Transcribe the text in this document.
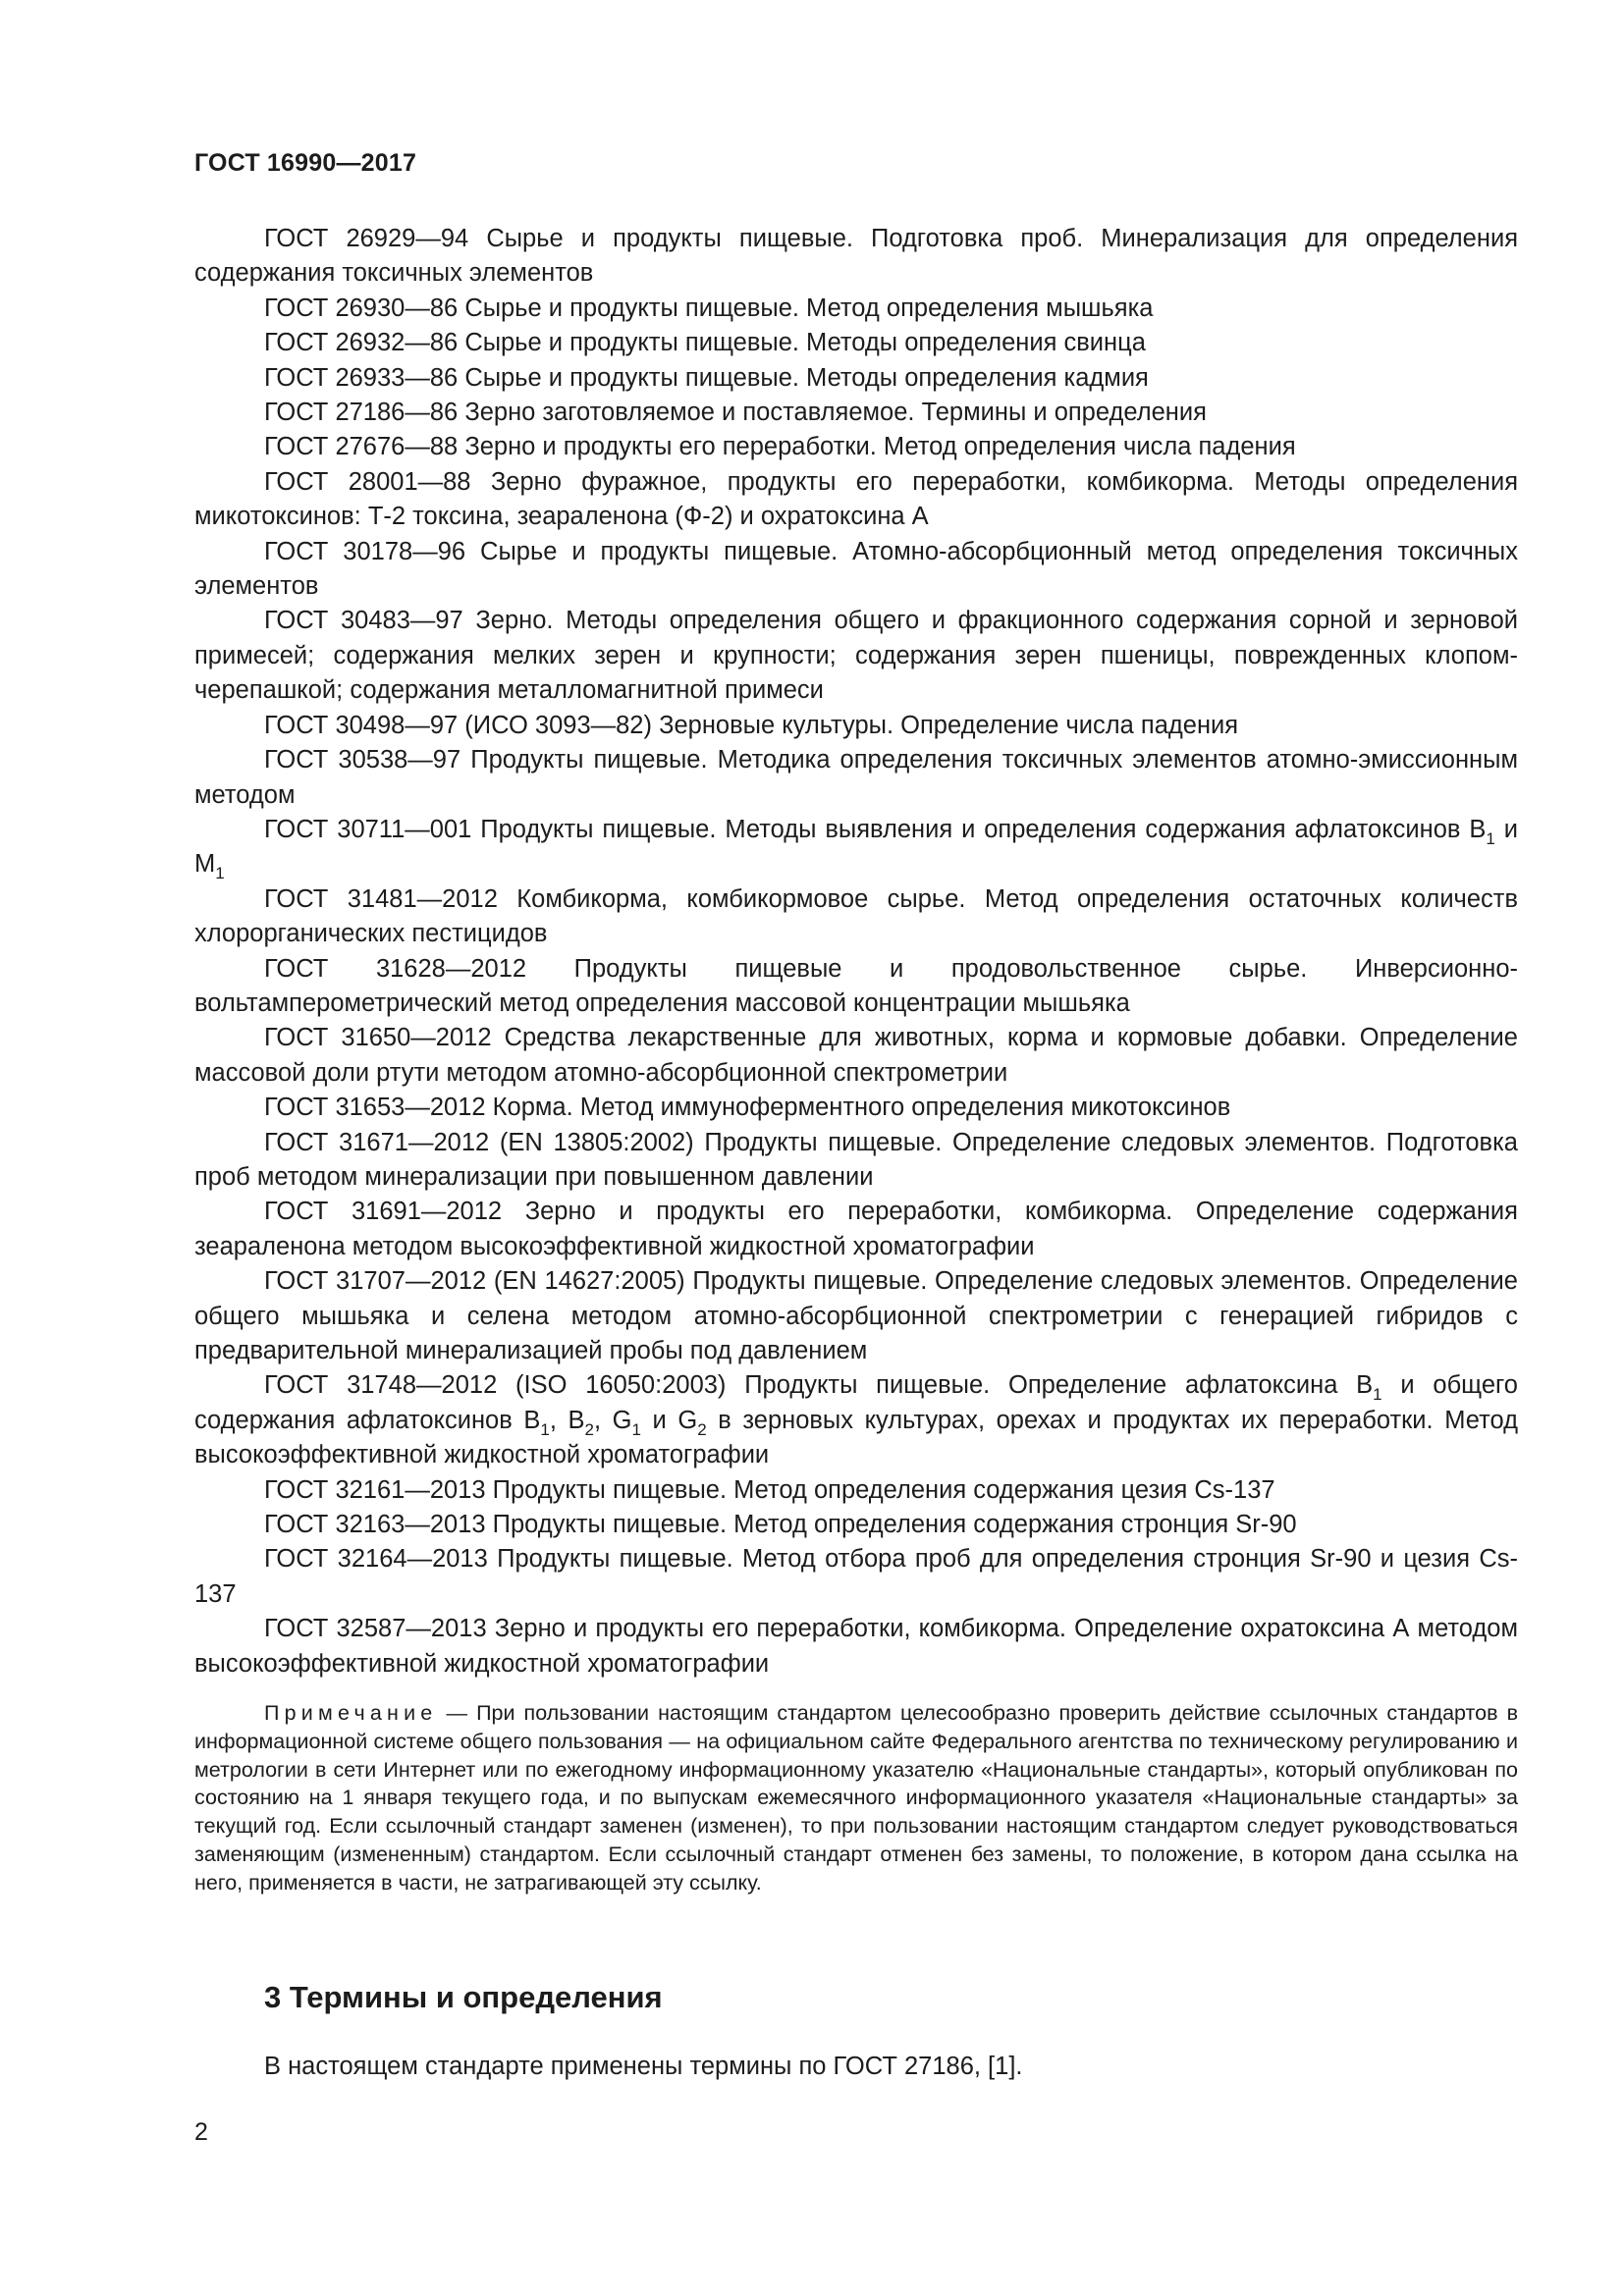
ГОСТ 16990—2017

ГОСТ 26929—94 Сырье и продукты пищевые. Подготовка проб. Минерализация для определения содержания токсичных элементов

ГОСТ 26930—86 Сырье и продукты пищевые. Метод определения мышьяка

ГОСТ 26932—86 Сырье и продукты пищевые. Методы определения свинца

ГОСТ 26933—86 Сырье и продукты пищевые. Методы определения кадмия

ГОСТ 27186—86 Зерно заготовляемое и поставляемое. Термины и определения

ГОСТ 27676—88 Зерно и продукты его переработки. Метод определения числа падения

ГОСТ 28001—88 Зерно фуражное, продукты его переработки, комбикорма. Методы определения микотоксинов: Т-2 токсина, зеараленона (Ф-2) и охратоксина А

ГОСТ 30178—96 Сырье и продукты пищевые. Атомно-абсорбционный метод определения токсичных элементов

ГОСТ 30483—97 Зерно. Методы определения общего и фракционного содержания сорной и зерновой примесей; содержания мелких зерен и крупности; содержания зерен пшеницы, поврежденных клопом-черепашкой; содержания металломагнитной примеси

ГОСТ 30498—97 (ИСО 3093—82) Зерновые культуры. Определение числа падения

ГОСТ 30538—97 Продукты пищевые. Методика определения токсичных элементов атомно-эмиссионным методом

ГОСТ 30711—001 Продукты пищевые. Методы выявления и определения содержания афлатоксинов $B_1$ и $M_1$

ГОСТ 31481—2012 Комбикорма, комбикормовое сырье. Метод определения остаточных количеств хлорорганических пестицидов

ГОСТ 31628—2012 Продукты пищевые и продовольственное сырье. Инверсионно-вольтамперометрический метод определения массовой концентрации мышьяка

ГОСТ 31650—2012 Средства лекарственные для животных, корма и кормовые добавки. Определение массовой доли ртути методом атомно-абсорбционной спектрометрии

ГОСТ 31653—2012 Корма. Метод иммуноферментного определения микотоксинов

ГОСТ 31671—2012 (EN 13805:2002) Продукты пищевые. Определение следовых элементов. Подготовка проб методом минерализации при повышенном давлении

ГОСТ 31691—2012 Зерно и продукты его переработки, комбикорма. Определение содержания зеараленона методом высокоэффективной жидкостной хроматографии

ГОСТ 31707—2012 (EN 14627:2005) Продукты пищевые. Определение следовых элементов. Определение общего мышьяка и селена методом атомно-абсорбционной спектрометрии с генерацией гибридов с предварительной минерализацией пробы под давлением

ГОСТ 31748—2012 (ISO 16050:2003) Продукты пищевые. Определение афлатоксина $B_1$ и общего содержания афлатоксинов $B_1$, $B_2$, $G_1$ и $G_2$ в зерновых культурах, орехах и продуктах их переработки. Метод высокоэффективной жидкостной хроматографии

ГОСТ 32161—2013 Продукты пищевые. Метод определения содержания цезия Cs-137

ГОСТ 32163—2013 Продукты пищевые. Метод определения содержания стронция Sr-90

ГОСТ 32164—2013 Продукты пищевые. Метод отбора проб для определения стронция Sr-90 и цезия Cs-137

ГОСТ 32587—2013 Зерно и продукты его переработки, комбикорма. Определение охратоксина А методом высокоэффективной жидкостной хроматографии

Примечание — При пользовании настоящим стандартом целесообразно проверить действие ссылочных стандартов в информационной системе общего пользования — на официальном сайте Федерального агентства по техническому регулированию и метрологии в сети Интернет или по ежегодному информационному указателю «Национальные стандарты», который опубликован по состоянию на 1 января текущего года, и по выпускам ежемесячного информационного указателя «Национальные стандарты» за текущий год. Если ссылочный стандарт заменен (изменен), то при пользовании настоящим стандартом следует руководствоваться заменяющим (измененным) стандартом. Если ссылочный стандарт отменен без замены, то положение, в котором дана ссылка на него, применяется в части, не затрагивающей эту ссылку.

3 Термины и определения

В настоящем стандарте применены термины по ГОСТ 27186, [1].

2
